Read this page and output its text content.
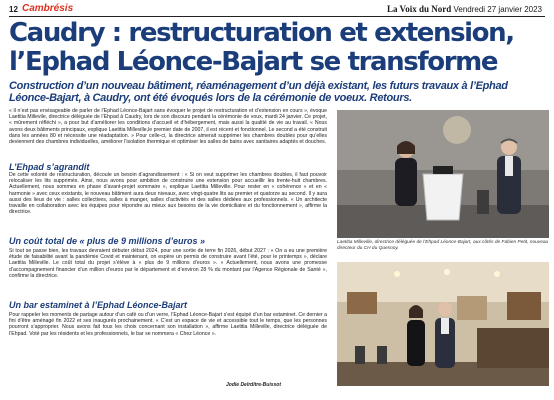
12 Cambrésis	La Voix du Nord Vendredi 27 janvier 2023
Caudry : restructuration et extension,
l’Ephad Léonce-Bajart se transforme
Construction d’un nouveau bâtiment, réaménagement d’un déjà existant, les futurs travaux à l’Ephad Léonce-Bajart, à Caudry, ont été évoqués lors de la cérémonie de voeux. Retours.
« Il n’est pas envisageable de parler de l’Ephad Léonce-Bajart sans évoquer le projet de restructuration et d’extension en cours », évoque Laetitia Millevile, directrice déléguée de l’Ehpad à Caudry, lors de son discours pendant la cérémonie de voux, mardi 24 janvier. Ce projet, « mûrement réfléchi », a pour but d’améliorer les conditions d’accueil et d’hébergement, mais aussi la qualité de vie au travail. « Nous avons deux bâtiments principaux, explique Laetitia Milleville,le premier date de 2007, il est récent et fonctionnel. Le second a été construit dans les années 80 et nécessite une réadaptation. » Pour celle-ci, la directrice aimerait supprimer les chambres doubles pour qu’elles deviennent des chambres individuelles, améliorer l’isolation thermique et optimiser les salles de bains avec sanitaires adaptés et douches.
L’Ehpad s’agrandit
De cette volonté de restructuration, découle un besoin d’agrandissement : « Si on veut supprimer les chambres doubles, il faut pouvoir relocaliser les lits supprimés. Ainsi, nous avons pour ambition de construire une extension pour accueillir les trente-huit chambres. Actuellement, nous sommes en phase d’avant-projet sommaire », explique Laetitia Milleville. Pour rester en « cohérence » et en « harmonie » avec ceux existants, le nouveau bâtiment aura deux niveaux, avec vingt-quatre lits au premier et quatorze au second. Il y aura aussi des lieux de vie : salles collectives, salles à manger, salles d’activités et des salles dédiées aux professionnels. « Un architecte travaille en collaboration avec les équipes pour répondre au mieux aux besoins de la vie domiciliaire et du fonctionnement », affirme la directrice.
Un coût total de « plus de 9 millions d’euros »
Si tout se passe bien, les travaux devraient débuter début 2024, pour une sortie de terre fin 2026, début 2027 : « On a eu une première étude de faisabilité avant la pandémie Covid et maintenant, on espère un permis de construire avant l’été, pour le printemps », déclare Laetitia Milleville. Le coût total du projet s’élève à « plus de 9 millions d’euros ». « Actuellement, nous avons une promesse d’accompagnement financier d’un million d’euros par le département et d’environ 28 % du montant par l’Agence Régionale de Santé », confirme la directrice.
Un bar estaminet à l’Ephad Léonce-Bajart
Pour rappeler les moments de partage autour d’un café ou d’un verre, l’Ephad Léonce-Bajart s’est équipé d’un bar estaminet. Ce dernier a fini d’être aménagé fin 2022 et ses inaugurés prochainement. « C’est un espace de vie et accessible tout le temps, que les personnes pourront s’approprier. Nous avons fait tous les choix concernant son installation », affirme Laetitia Milleville, directrice déléguée de l’Ehpad. Voté par les résidents et les professionnels, le bar se nommera « Chez Léonce ».
Jodie Delrditre-Buissot
Laetitia Milleville, directrice déléguée de l’Ehpad Léonce-Bajart, aux côtés de Fabien Petit, nouveau directeur du CH du Quesnoy.
